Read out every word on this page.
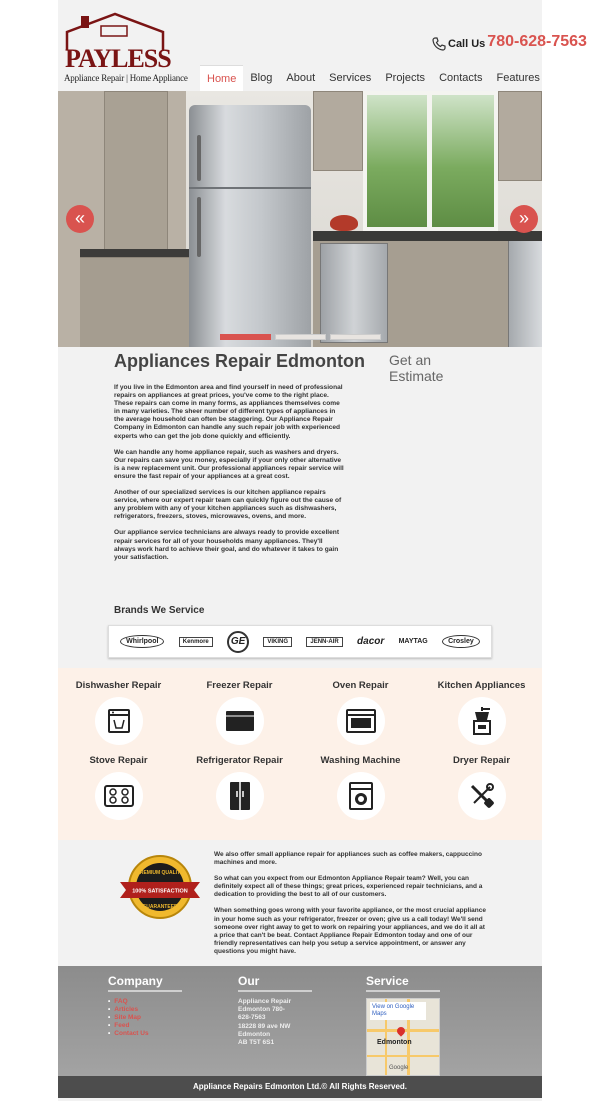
PAYLESS
Appliance Repair | Home Appliance
Call Us 780-628-7563
Home	Blog	About	Services	Projects	Contacts	Features
«	»
Appliances Repair Edmonton Get an Estimate

If you live in the Edmonton area and find yourself in need of professional repairs on appliances at great prices, you've come to the right place. These repairs can come in many forms, as appliances themselves come in many varieties. The sheer number of different types of appliances in the average household can often be staggering. Our Appliance Repair Company in Edmonton can handle any such repair job with experienced experts who can get the job done quickly and efficiently.

We can handle any home appliance repair, such as washers and dryers. Our repairs can save you money, especially if your only other alternative is a new replacement unit. Our professional appliances repair service will ensure the fast repair of your appliances at a great cost.

Another of our specialized services is our kitchen appliance repairs service, where our expert repair team can quickly figure out the cause of any problem with any of your kitchen appliances such as dishwashers, refrigerators, freezers, stoves, microwaves, ovens, and more.

Our appliance service technicians are always ready to provide excellent repair services for all of your households many appliances. They'll always work hard to achieve their goal, and do whatever it takes to gain your satisfaction.

Brands We Service
Whirlpool	Kenmore	GE	VIKING	JENN-AIR	dacor MAYTAG	Crosley
Dishwasher Repair	Freezer Repair	Oven Repair	Kitchen Appliances
Stove Repair	Refrigerator Repair	Washing Machine	Dryer Repair
PREMIUM QUALITY
100% SATISFACTION
GUARANTEED

We also offer small appliance repair for appliances such as coffee makers, cappuccino machines and more.

So what can you expect from our Edmonton Appliance Repair team? Well, you can definitely expect all of these things; great prices, experienced repair technicians, and a dedication to providing the best to all of our customers.

When something goes wrong with your favorite appliance, or the most crucial appliance in your home such as your refrigerator, freezer or oven; give us a call today! We'll send someone over right away to get to work on repairing your appliances, and we do it all at a price that can't be beat. Contact Appliance Repair Edmonton today and one of our friendly representatives can help you setup a service appointment, or answer any questions you might have.

Company
• FAQ
• Articles
• Site Map
• Feed
• Contact Us
Our
Appliance Repair
Edmonton 780-
628-7563
18228 89 ave NW
Edmonton
AB T5T 6S1
Service
View on Google Maps
Edmonton
Google
Appliance Repairs Edmonton Ltd.© All Rights Reserved.
